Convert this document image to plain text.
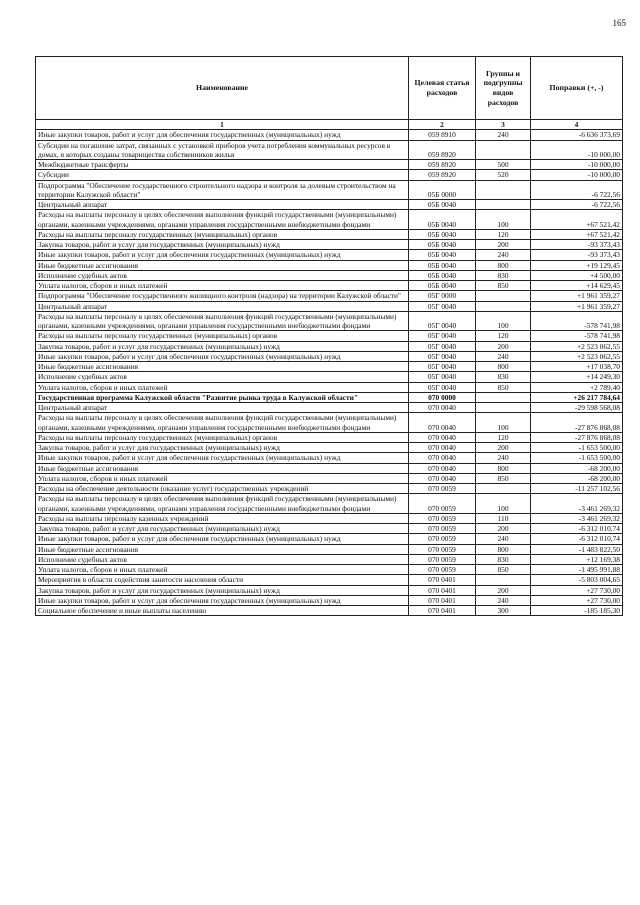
165
Наименование	Целевая статья расходов	Группы и подгруппы видов расходов	Поправки (+, -)
1	2	3	4
Иные закупки товаров, работ и услуг для обеспечения государственных (муниципальных) нужд	059 8910	240	-6 636 373,69
Субсидии на погашение затрат, связанных с установкой приборов учета потребления коммунальных ресурсов в домах, в которых созданы товарищества собственников жилья	059 8920		-10 000,00
Межбюджетные трансферты	059 8920	500	-10 000,00
Субсидии	059 8920	520	-10 000,00
Подпрограмма "Обеспечение государственного строительного надзора и контроля за долевым строительством на территории Калужской области"	05Б 0000		-6 722,56
Центральный аппарат	05Б 0040		-6 722,56
Расходы на выплаты персоналу в целях обеспечения выполнения функций государственными (муниципальными) органами, казенными учреждениями, органами управления государственными внебюджетными фондами	05Б 0040	100	+67 521,42
Расходы на выплаты персоналу государственных (муниципальных) органов	05Б 0040	120	+67 521,42
Закупка товаров, работ и услуг для государственных (муниципальных) нужд	05Б 0040	200	-93 373,43
Иные закупки товаров, работ и услуг для обеспечения государственных (муниципальных) нужд	05Б 0040	240	-93 373,43
Иные бюджетные ассигнования	05Б 0040	800	+19 129,45
Исполнение судебных актов	05Б 0040	830	+4 500,00
Уплата налогов, сборов и иных платежей	05Б 0040	850	+14 629,45
Подпрограмма "Обеспечение государственного жилищного контроля (надзора) на территории Калужской области"	05Г 0000		+1 961 359,27
Центральный аппарат	05Г 0040		+1 961 359,27
Расходы на выплаты персоналу в целях обеспечения выполнения функций государственными (муниципальными) органами, казенными учреждениями, органами управления государственными внебюджетными фондами	05Г 0040	100	-578 741,98
Расходы на выплаты персоналу государственных (муниципальных) органов	05Г 0040	120	-578 741,98
Закупка товаров, работ и услуг для государственных (муниципальных) нужд	05Г 0040	200	+2 523 062,55
Иные закупки товаров, работ и услуг для обеспечения государственных (муниципальных) нужд	05Г 0040	240	+2 523 062,55
Иные бюджетные ассигнования	05Г 0040	800	+17 038,70
Исполнение судебных актов	05Г 0040	830	+14 249,30
Уплата налогов, сборов и иных платежей	05Г 0040	850	+2 789,40
Государственная программа Калужской области "Развитие рынка труда в Калужской области"	070 0000		+26 217 784,64
Центральный аппарат	070 0040		-29 598 568,08
Расходы на выплаты персоналу в целях обеспечения выполнения функций государственными (муниципальными) органами, казенными учреждениями, органами управления государственными внебюджетными фондами	070 0040	100	-27 876 868,08
Расходы на выплаты персоналу государственных (муниципальных) органов	070 0040	120	-27 876 868,08
Закупка товаров, работ и услуг для государственных (муниципальных) нужд	070 0040	200	-1 653 500,00
Иные закупки товаров, работ и услуг для обеспечения государственных (муниципальных) нужд	070 0040	240	-1 653 500,00
Иные бюджетные ассигнования	070 0040	800	-68 200,00
Уплата налогов, сборов и иных платежей	070 0040	850	-68 200,00
Расходы на обеспечение деятельности (оказание услуг) государственных учреждений	070 0059		-11 257 102,56
Расходы на выплаты персоналу в целях обеспечения выполнения функций государственными (муниципальными) органами, казенными учреждениями, органами управления государственными внебюджетными фондами	070 0059	100	-3 461 269,32
Расходы на выплаты персоналу казенных учреждений	070 0059	110	-3 461 269,32
Закупка товаров, работ и услуг для государственных (муниципальных) нужд	070 0059	200	-6 312 010,74
Иные закупки товаров, работ и услуг для обеспечения государственных (муниципальных) нужд	070 0059	240	-6 312 010,74
Иные бюджетные ассигнования	070 0059	800	-1 483 822,50
Исполнение судебных актов	070 0059	830	+12 169,38
Уплата налогов, сборов и иных платежей	070 0059	850	-1 495 991,88
Мероприятия в области содействия занятости населения области	070 0401		-5 803 004,65
Закупка товаров, работ и услуг для государственных (муниципальных) нужд	070 0401	200	+27 730,00
Иные закупки товаров, работ и услуг для обеспечения государственных (муниципальных) нужд	070 0401	240	+27 730,00
Социальное обеспечение и иные выплаты населению	070 0401	300	-185 185,30
